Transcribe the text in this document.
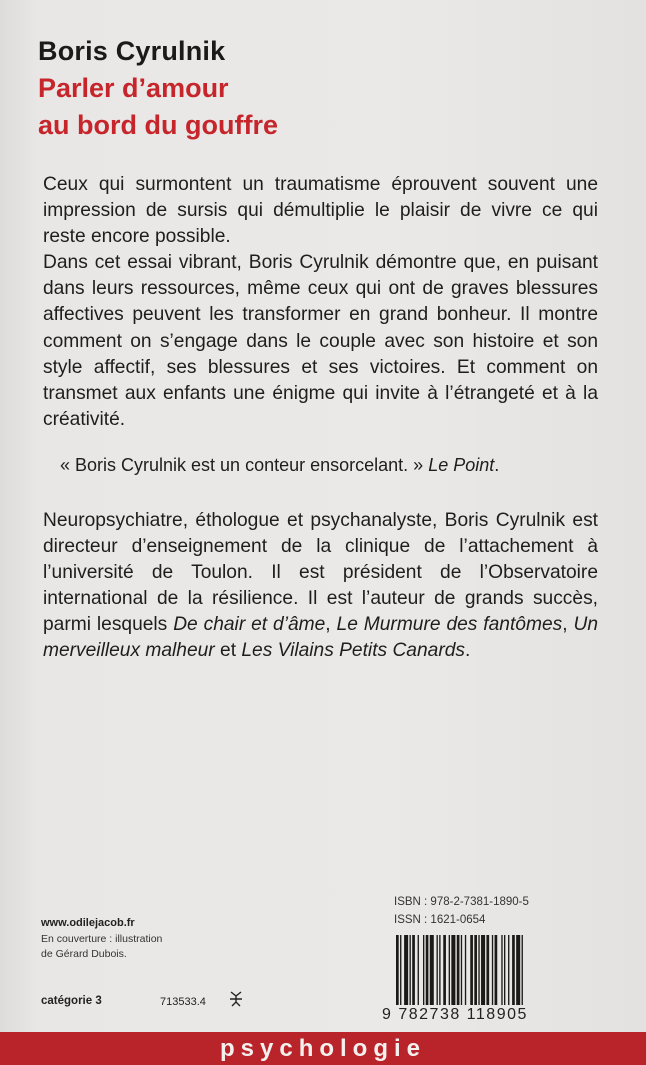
Boris Cyrulnik
Parler d’amour
au bord du gouffre

Ceux qui surmontent un traumatisme éprouvent souvent une impression de sursis qui démultiplie le plaisir de vivre ce qui reste encore possible.

Dans cet essai vibrant, Boris Cyrulnik démontre que, en puisant dans leurs ressources, même ceux qui ont de graves blessures affectives peuvent les transformer en grand bonheur. Il montre comment on s’engage dans le couple avec son histoire et son style affectif, ses blessures et ses victoires. Et comment on transmet aux enfants une énigme qui invite à l’étrangeté et à la créativité.

« Boris Cyrulnik est un conteur ensorcelant. » Le Point.

Neuropsychiatre, éthologue et psychanalyste, Boris Cyrulnik est directeur d’enseignement de la clinique de l’attachement à l’université de Toulon. Il est président de l’Observatoire international de la résilience. Il est l’auteur de grands succès, parmi lesquels De chair et d’âme, Le Murmure des fantômes, Un merveilleux malheur et Les Vilains Petits Canards.

ISBN : 978-2-7381-1890-5
ISSN : 1621-0654
9 782738 118905
www.odilejacob.fr
En couverture : illustration
de Gérard Dubois.
catégorie 3	713533.4
psychologie
